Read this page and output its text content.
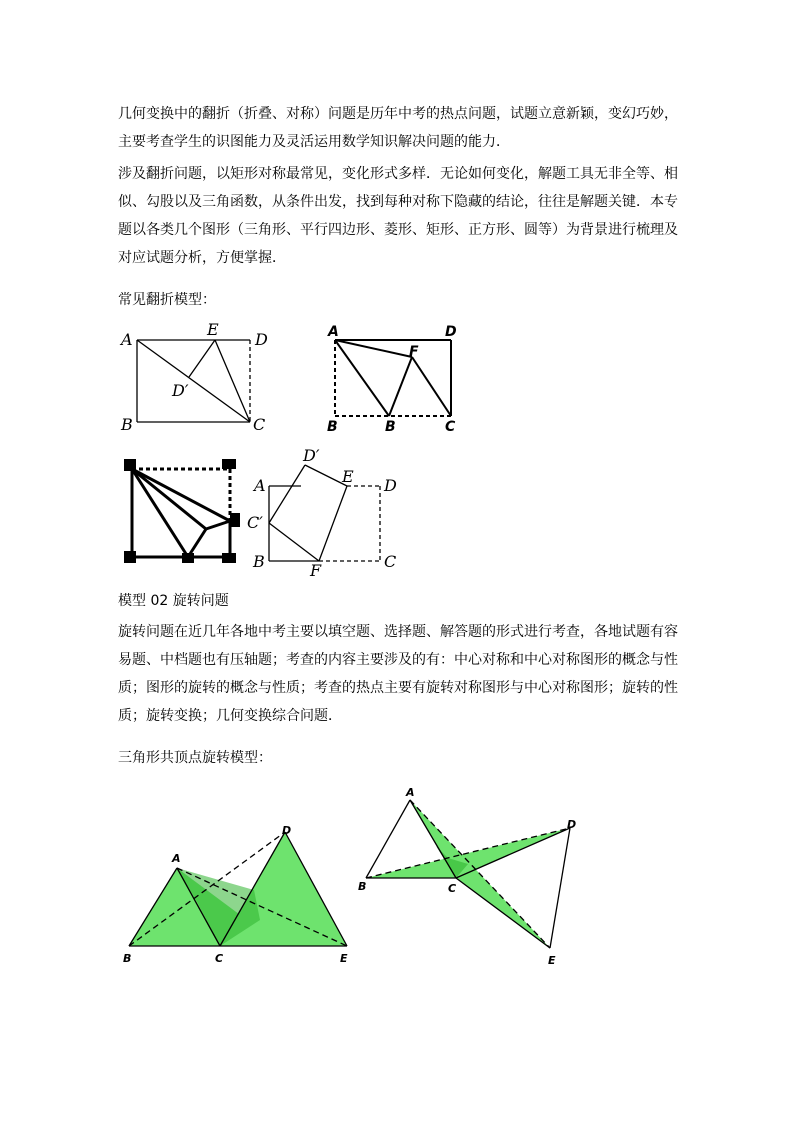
几何变换中的翻折（折叠、对称）问题是历年中考的热点问题，试题立意新颖，变幻巧妙，主要考查学生的识图能力及灵活运用数学知识解决问题的能力．

涉及翻折问题，以矩形对称最常见，变化形式多样．无论如何变化，解题工具无非全等、相似、勾股以及三角函数，从条件出发，找到每种对称下隐藏的结论，往往是解题关键．本专题以各类几个图形（三角形、平行四边形、菱形、矩形、正方形、圆等）为背景进行梳理及对应试题分析，方便掌握．

常见翻折模型：
A
E
D
D′
B	C
A	D
F
B	B	C
D′
E
A	D
C′
B	F	C
模型 02 旋转问题

旋转问题在近几年各地中考主要以填空题、选择题、解答题的形式进行考查，各地试题有容易题、中档题也有压轴题；考查的内容主要涉及的有：中心对称和中心对称图形的概念与性质；图形的旋转的概念与性质；考查的热点主要有旋转对称图形与中心对称图形；旋转的性质；旋转变换；几何变换综合问题．

三角形共顶点旋转模型：
A
D
B	C	E
A
D
B	C
E
